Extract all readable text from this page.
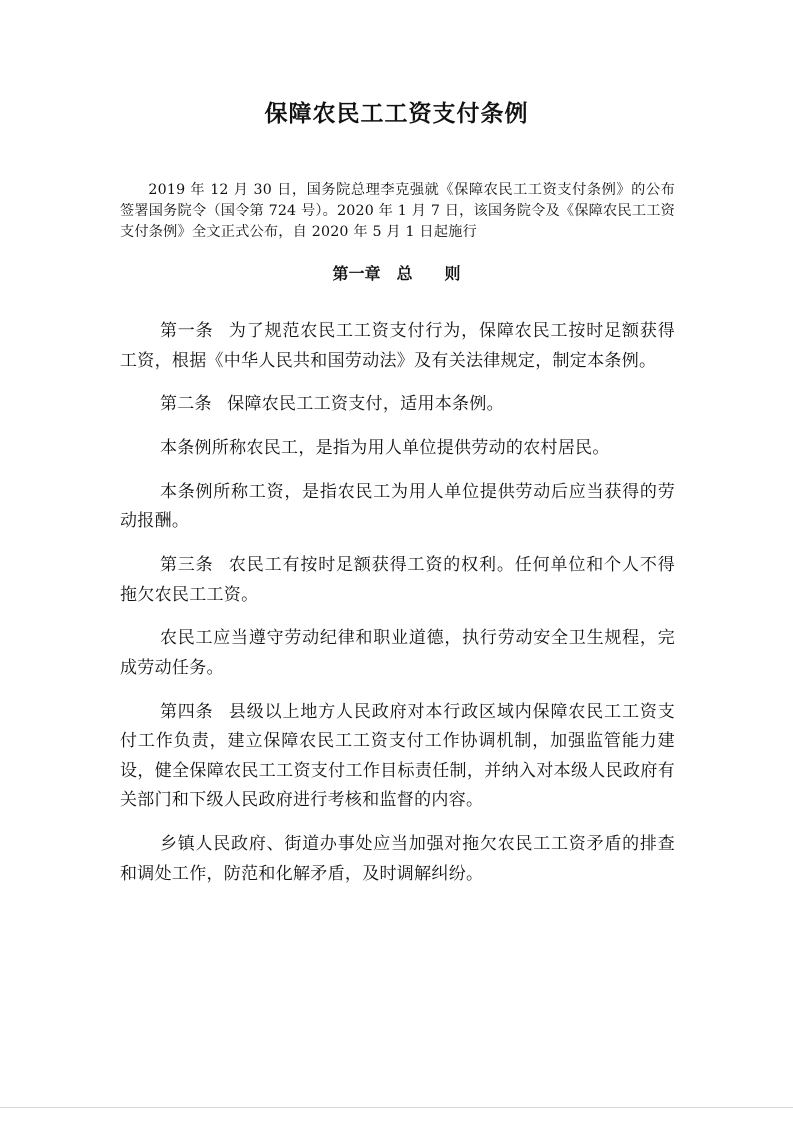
保障农民工工资支付条例
2019 年 12 月 30 日，国务院总理李克强就《保障农民工工资支付条例》的公布签署国务院令（国令第 724 号）。2020 年 1 月 7 日，该国务院令及《保障农民工工资支付条例》全文正式公布，自 2020 年 5 月 1 日起施行
第一章　总　　则

第一条 为了规范农民工工资支付行为，保障农民工按时足额获得工资，根据《中华人民共和国劳动法》及有关法律规定，制定本条例。

第二条 保障农民工工资支付，适用本条例。

本条例所称农民工，是指为用人单位提供劳动的农村居民。

本条例所称工资，是指农民工为用人单位提供劳动后应当获得的劳动报酬。

第三条 农民工有按时足额获得工资的权利。任何单位和个人不得拖欠农民工工资。

农民工应当遵守劳动纪律和职业道德，执行劳动安全卫生规程，完成劳动任务。

第四条 县级以上地方人民政府对本行政区域内保障农民工工资支付工作负责，建立保障农民工工资支付工作协调机制，加强监管能力建设，健全保障农民工工资支付工作目标责任制，并纳入对本级人民政府有关部门和下级人民政府进行考核和监督的内容。

乡镇人民政府、街道办事处应当加强对拖欠农民工工资矛盾的排查和调处工作，防范和化解矛盾，及时调解纠纷。
